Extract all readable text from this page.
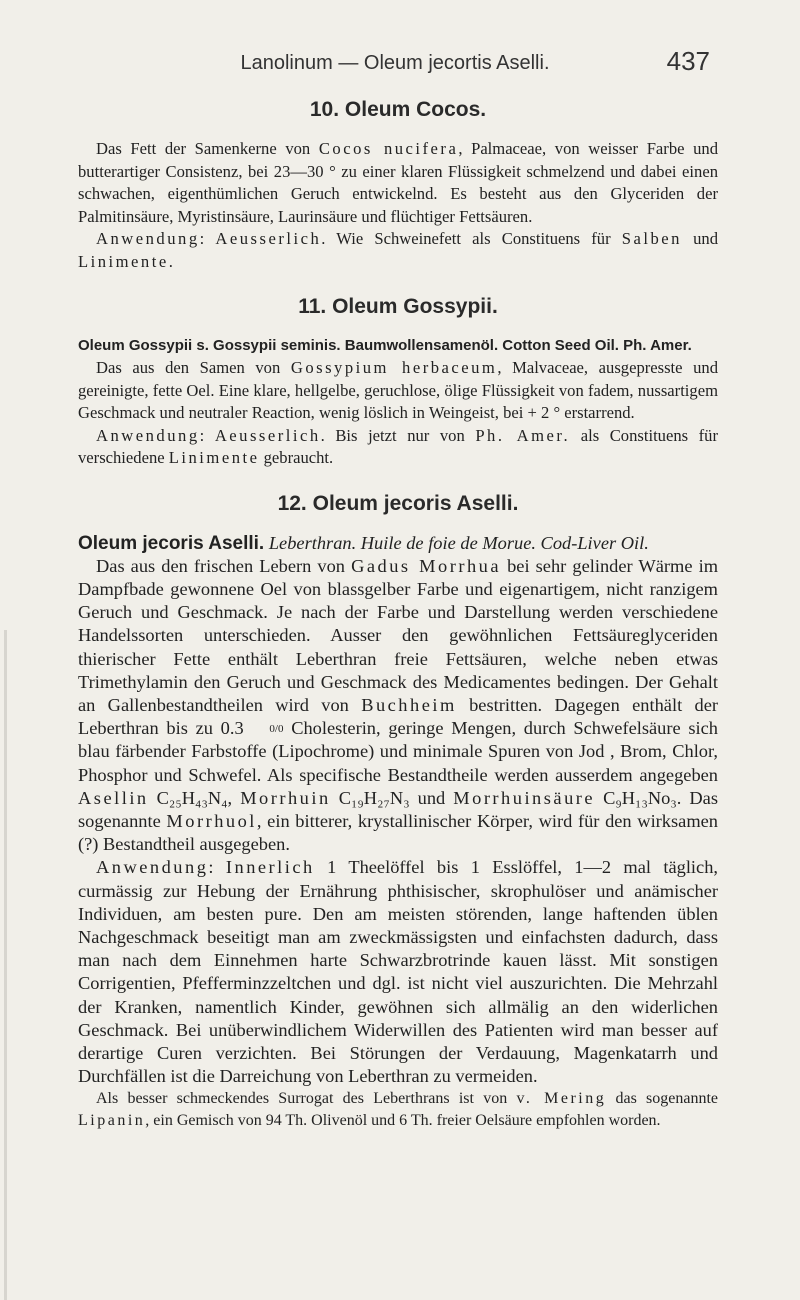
Lanolinum — Oleum jecortis Aselli.	437
10. Oleum Cocos.

Das Fett der Samenkerne von Cocos nucifera, Palmaceae, von weisser Farbe und butterartiger Consistenz, bei 23—30 ° zu einer klaren Flüssigkeit schmelzend und dabei einen schwachen, eigenthümlichen Geruch entwickelnd. Es besteht aus den Glyceriden der Palmitinsäure, Myristinsäure, Laurinsäure und flüchtiger Fettsäuren.

Anwendung: Aeusserlich. Wie Schweinefett als Constituens für Salben und Linimente.

11. Oleum Gossypii.

Oleum Gossypii s. Gossypii seminis. Baumwollensamenöl. Cotton Seed Oil. Ph. Amer.

Das aus den Samen von Gossypium herbaceum, Malvaceae, ausgepresste und gereinigte, fette Oel. Eine klare, hellgelbe, geruchlose, ölige Flüssigkeit von fadem, nussartigem Geschmack und neutraler Reaction, wenig löslich in Weingeist, bei + 2 ° erstarrend.

Anwendung: Aeusserlich. Bis jetzt nur von Ph. Amer. als Constituens für verschiedene Linimente gebraucht.

12. Oleum jecoris Aselli.

Oleum jecoris Aselli. Leberthran. Huile de foie de Morue. Cod-Liver Oil.

Das aus den frischen Lebern von Gadus Morrhua bei sehr gelinder Wärme im Dampfbade gewonnene Oel von blassgelber Farbe und eigenartigem, nicht ranzigem Geruch und Geschmack. Je nach der Farbe und Darstellung werden verschiedene Handelssorten unterschieden. Ausser den gewöhnlichen Fettsäureglyceriden thierischer Fette enthält Leberthran freie Fettsäuren, welche neben etwas Trimethylamin den Geruch und Geschmack des Medicamentes bedingen. Der Gehalt an Gallenbestandtheilen wird von Buchheim bestritten. Dagegen enthält der Leberthran bis zu 0.3 0/0 Cholesterin, geringe Mengen, durch Schwefelsäure sich blau färbender Farbstoffe (Lipochrome) und minimale Spuren von Jod , Brom, Chlor, Phosphor und Schwefel. Als specifische Bestandtheile werden ausserdem angegeben Asellin C₂₅H₄₃N₄, Morrhuin C₁₉H₂₇N₃ und Morrhuinsäure C₉H₁₃No₃. Das sogenannte Morrhuol, ein bitterer, krystallinischer Körper, wird für den wirksamen (?) Bestandtheil ausgegeben.

Anwendung: Innerlich 1 Theelöffel bis 1 Esslöffel, 1—2 mal täglich, curmässig zur Hebung der Ernährung phthisischer, skrophulöser und anämischer Individuen, am besten pure. Den am meisten störenden, lange haftenden üblen Nachgeschmack beseitigt man am zweckmässigsten und einfachsten dadurch, dass man nach dem Einnehmen harte Schwarzbrotrinde kauen lässt. Mit sonstigen Corrigentien, Pfefferminzzeltchen und dgl. ist nicht viel auszurichten. Die Mehrzahl der Kranken, namentlich Kinder, gewöhnen sich allmälig an den widerlichen Geschmack. Bei unüberwindlichem Widerwillen des Patienten wird man besser auf derartige Curen verzichten. Bei Störungen der Verdauung, Magenkatarrh und Durchfällen ist die Darreichung von Leberthran zu vermeiden.

Als besser schmeckendes Surrogat des Leberthrans ist von v. Mering das sogenannte Lipanin, ein Gemisch von 94 Th. Olivenöl und 6 Th. freier Oelsäure empfohlen worden.
